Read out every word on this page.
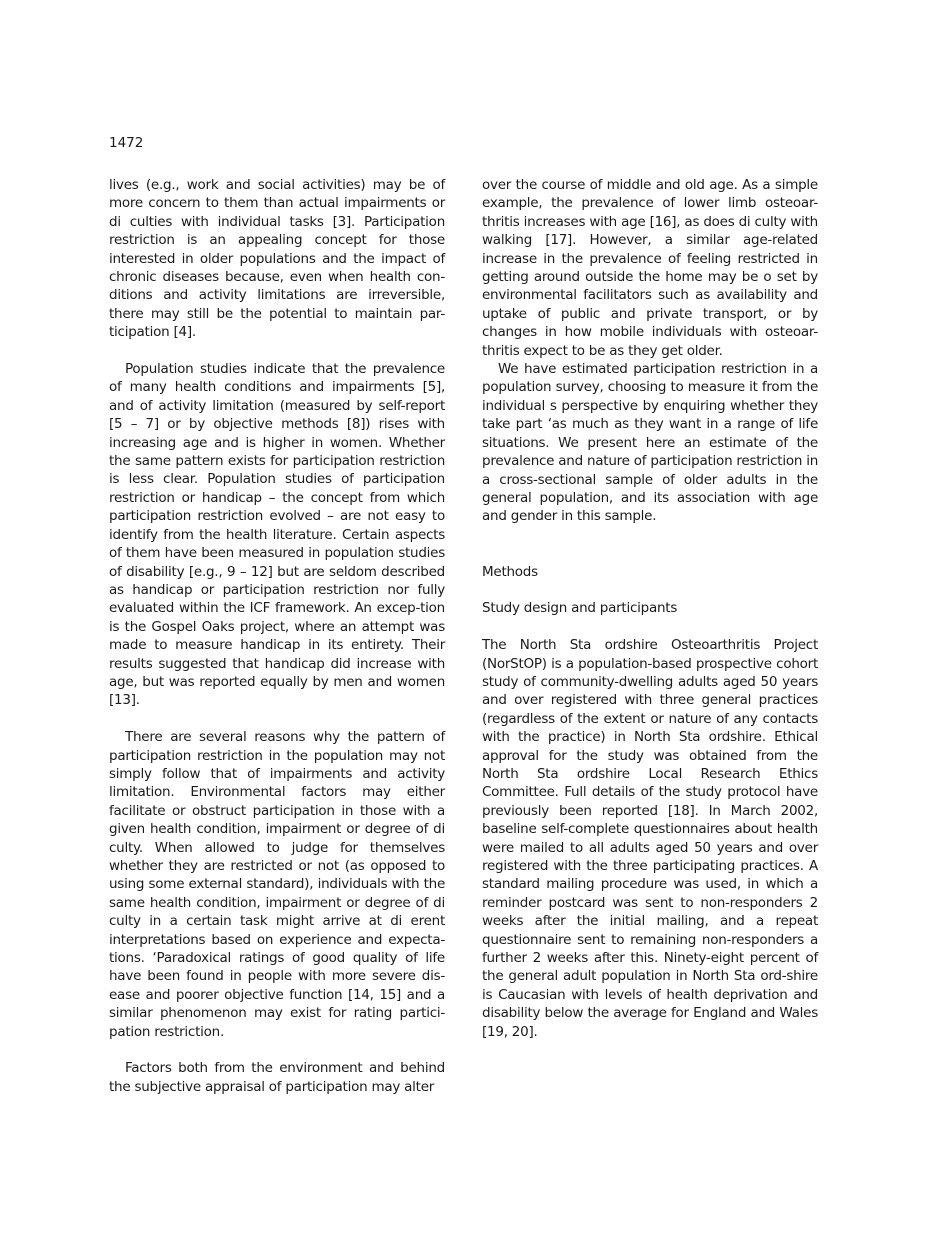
1472

lives (e.g., work and social activities) may be of more concern to them than actual impairments or di culties with individual tasks [3]. Participation restriction is an appealing concept for those interested in older populations and the impact of chronic diseases because, even when health con-ditions and activity limitations are irreversible, there may still be the potential to maintain par-ticipation [4].

Population studies indicate that the prevalence of many health conditions and impairments [5], and of activity limitation (measured by self-report [5 – 7] or by objective methods [8]) rises with increasing age and is higher in women. Whether the same pattern exists for participation restriction is less clear. Population studies of participation restriction or handicap – the concept from which participation restriction evolved – are not easy to identify from the health literature. Certain aspects of them have been measured in population studies of disability [e.g., 9 – 12] but are seldom described as handicap or participation restriction nor fully evaluated within the ICF framework. An excep-tion is the Gospel Oaks project, where an attempt was made to measure handicap in its entirety. Their results suggested that handicap did increase with age, but was reported equally by men and women [13].

There are several reasons why the pattern of participation restriction in the population may not simply follow that of impairments and activity limitation. Environmental factors may either facilitate or obstruct participation in those with a given health condition, impairment or degree of di culty. When allowed to judge for themselves whether they are restricted or not (as opposed to using some external standard), individuals with the same health condition, impairment or degree of di culty in a certain task might arrive at di erent interpretations based on experience and expecta-tions. ‘Paradoxical ratings of good quality of life have been found in people with more severe dis-ease and poorer objective function [14, 15] and a similar phenomenon may exist for rating partici-pation restriction.

Factors both from the environment and behind the subjective appraisal of participation may alter

over the course of middle and old age. As a simple example, the prevalence of lower limb osteoar-thritis increases with age [16], as does di culty with walking [17]. However, a similar age-related increase in the prevalence of feeling restricted in getting around outside the home may be o set by environmental facilitators such as availability and uptake of public and private transport, or by changes in how mobile individuals with osteoar-thritis expect to be as they get older.

We have estimated participation restriction in a population survey, choosing to measure it from the individual s perspective by enquiring whether they take part ‘as much as they want in a range of life situations. We present here an estimate of the prevalence and nature of participation restriction in a cross-sectional sample of older adults in the general population, and its association with age and gender in this sample.

Methods
Study design and participants

The North Sta ordshire Osteoarthritis Project (NorStOP) is a population-based prospective cohort study of community-dwelling adults aged 50 years and over registered with three general practices (regardless of the extent or nature of any contacts with the practice) in North Sta ordshire. Ethical approval for the study was obtained from the North Sta ordshire Local Research Ethics Committee. Full details of the study protocol have previously been reported [18]. In March 2002, baseline self-complete questionnaires about health were mailed to all adults aged 50 years and over registered with the three participating practices. A standard mailing procedure was used, in which a reminder postcard was sent to non-responders 2 weeks after the initial mailing, and a repeat questionnaire sent to remaining non-responders a further 2 weeks after this. Ninety-eight percent of the general adult population in North Sta ord-shire is Caucasian with levels of health deprivation and disability below the average for England and Wales [19, 20].
